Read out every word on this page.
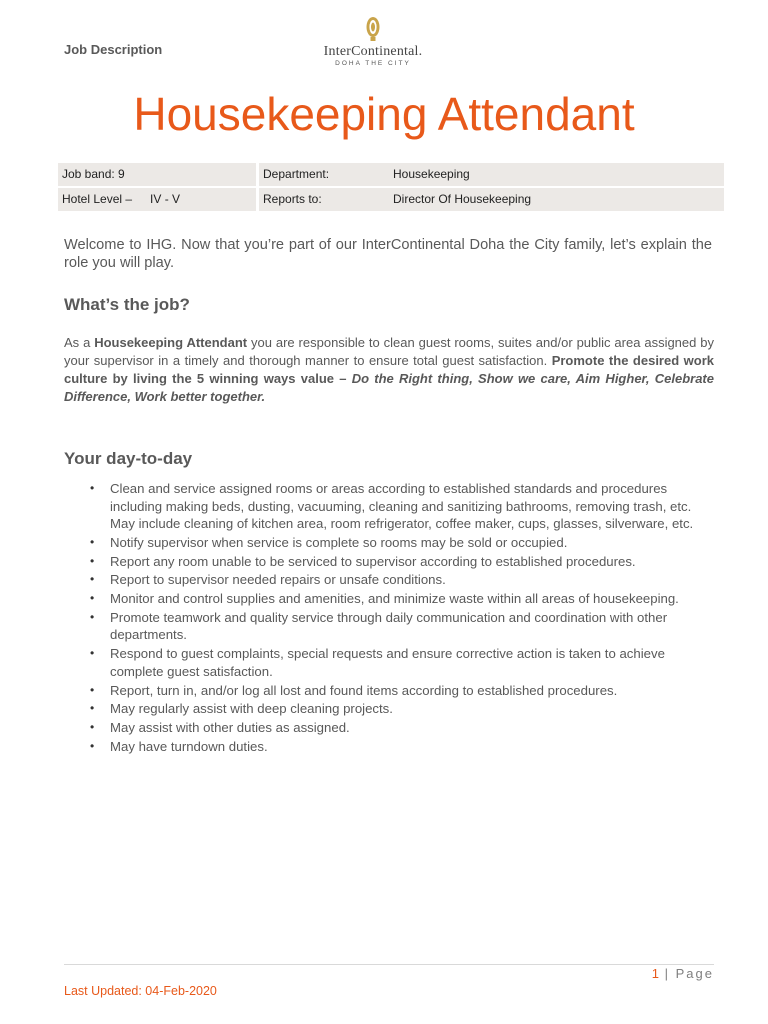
Job Description	InterContinental.
DOHA THE CITY
Housekeeping Attendant
Job band: 9	Department:	Housekeeping
Hotel Level – IV - V	Reports to:	Director Of Housekeeping

Welcome to IHG. Now that you’re part of our InterContinental Doha the City family, let’s explain the role you will play.

What’s the job?

As a Housekeeping Attendant you are responsible to clean guest rooms, suites and/or public area assigned by your supervisor in a timely and thorough manner to ensure total guest satisfaction. Promote the desired work culture by living the 5 winning ways value – Do the Right thing, Show we care, Aim Higher, Celebrate Difference, Work better together.

Your day-to-day
• Clean and service assigned rooms or areas according to established standards and procedures including making beds, dusting, vacuuming, cleaning and sanitizing bathrooms, removing trash, etc. May include cleaning of kitchen area, room refrigerator, coffee maker, cups, glasses, silverware, etc.
• Notify supervisor when service is complete so rooms may be sold or occupied.
• Report any room unable to be serviced to supervisor according to established procedures.
• Report to supervisor needed repairs or unsafe conditions.
• Monitor and control supplies and amenities, and minimize waste within all areas of housekeeping.
• Promote teamwork and quality service through daily communication and coordination with other departments.
• Respond to guest complaints, special requests and ensure corrective action is taken to achieve complete guest satisfaction.
• Report, turn in, and/or log all lost and found items according to established procedures.
• May regularly assist with deep cleaning projects.
• May assist with other duties as assigned.
• May have turndown duties.
1 | Page
Last Updated: 04-Feb-2020
